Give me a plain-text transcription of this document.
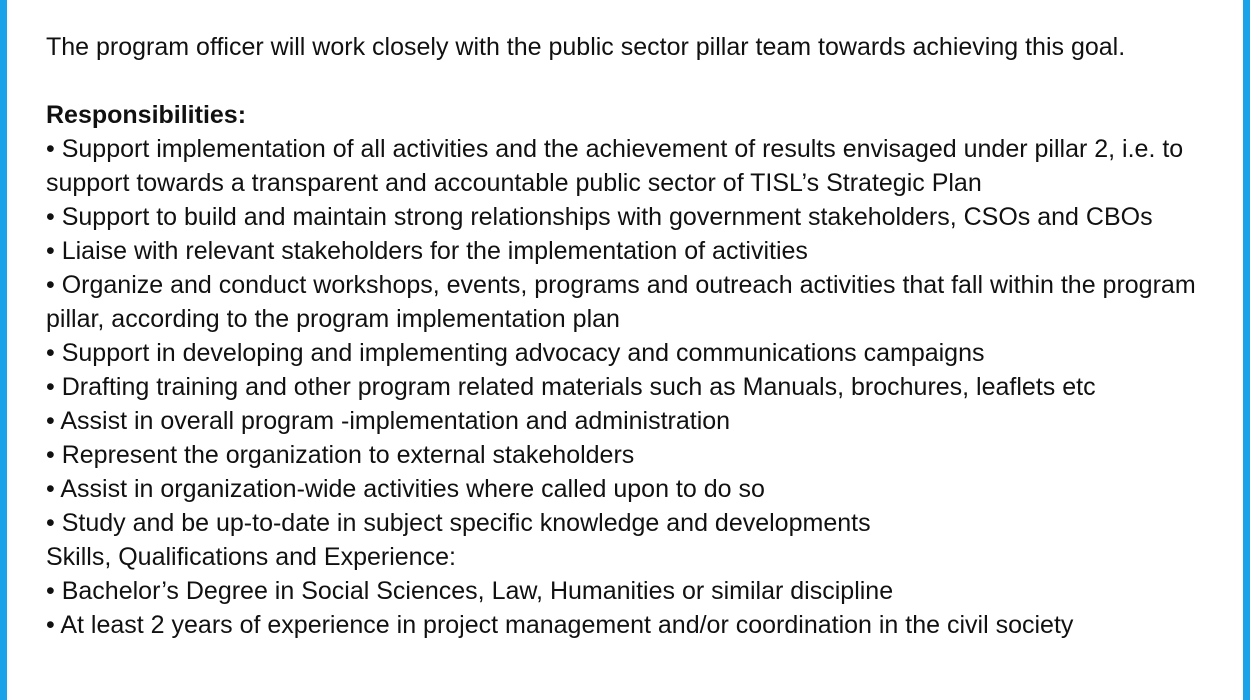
The program officer will work closely with the public sector pillar team towards achieving this goal.

Responsibilities:

• Support implementation of all activities and the achievement of results envisaged under pillar 2, i.e. to support towards a transparent and accountable public sector of TISL’s Strategic Plan

• Support to build and maintain strong relationships with government stakeholders, CSOs and CBOs

• Liaise with relevant stakeholders for the implementation of activities

• Organize and conduct workshops, events, programs and outreach activities that fall within the program pillar, according to the program implementation plan

• Support in developing and implementing advocacy and communications campaigns

• Drafting training and other program related materials such as Manuals, brochures, leaflets etc

• Assist in overall program -implementation and administration

• Represent the organization to external stakeholders

• Assist in organization-wide activities where called upon to do so

• Study and be up-to-date in subject specific knowledge and developments

Skills, Qualifications and Experience:

• Bachelor’s Degree in Social Sciences, Law, Humanities or similar discipline

• At least 2 years of experience in project management and/or coordination in the civil society
